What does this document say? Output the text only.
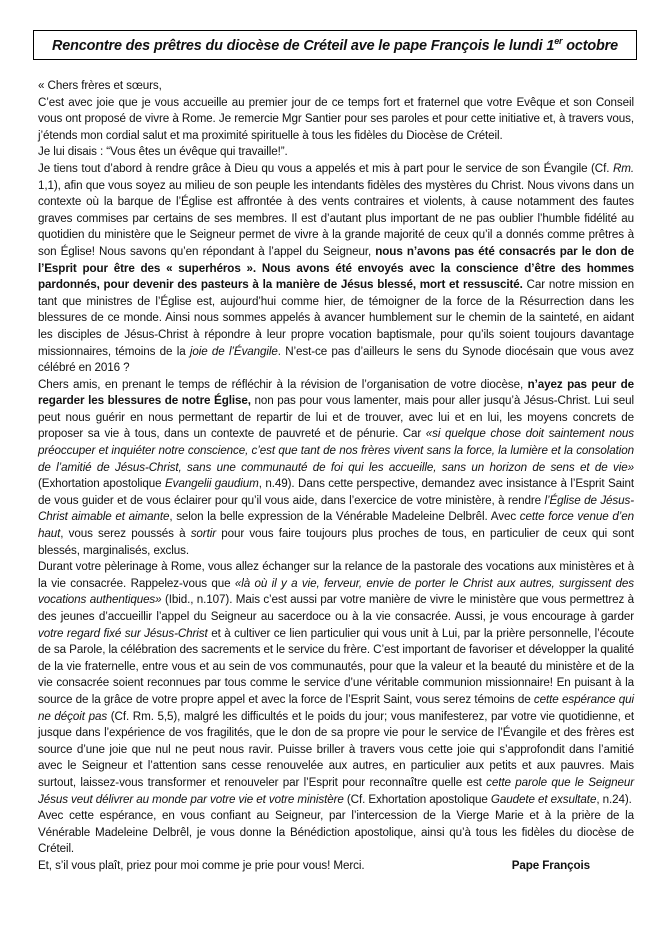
Rencontre des prêtres du diocèse de Créteil ave le pape François le lundi 1er octobre

« Chers frères et sœurs,

C’est avec joie que je vous accueille au premier jour de ce temps fort et fraternel que votre Evêque et son Conseil vous ont proposé de vivre à Rome. Je remercie Mgr Santier pour ses paroles et pour cette initiative et, à travers vous, j’étends mon cordial salut et ma proximité spirituelle à tous les fidèles du Diocèse de Créteil.

Je lui disais : “Vous êtes un évêque qui travaille!”.

Je tiens tout d’abord à rendre grâce à Dieu qu vous a appelés et mis à part pour le service de son Évangile (Cf. Rm. 1,1), afin que vous soyez au milieu de son peuple les intendants fidèles des mystères du Christ. Nous vivons dans un contexte où la barque de l’Église est affrontée à des vents contraires et violents, à cause notamment des fautes graves commises par certains de ses membres. Il est d’autant plus important de ne pas oublier l’humble fidélité au quotidien du ministère que le Seigneur permet de vivre à la grande majorité de ceux qu’il a donnés comme prêtres à son Église! Nous savons qu’en répondant à l’appel du Seigneur, nous n’avons pas été consacrés par le don de l’Esprit pour être des « superhéros ». Nous avons été envoyés avec la conscience d’être des hommes pardonnés, pour devenir des pasteurs à la manière de Jésus blessé, mort et ressuscité. Car notre mission en tant que ministres de l’Église est, aujourd’hui comme hier, de témoigner de la force de la Résurrection dans les blessures de ce monde. Ainsi nous sommes appelés à avancer humblement sur le chemin de la sainteté, en aidant les disciples de Jésus-Christ à répondre à leur propre vocation baptismale, pour qu’ils soient toujours davantage missionnaires, témoins de la joie de l’Évangile. N’est-ce pas d’ailleurs le sens du Synode diocésain que vous avez célébré en 2016 ?

Chers amis, en prenant le temps de réfléchir à la révision de l’organisation de votre diocèse, n’ayez pas peur de regarder les blessures de notre Église, non pas pour vous lamenter, mais pour aller jusqu’à Jésus-Christ. Lui seul peut nous guérir en nous permettant de repartir de lui et de trouver, avec lui et en lui, les moyens concrets de proposer sa vie à tous, dans un contexte de pauvreté et de pénurie. Car «si quelque chose doit saintement nous préoccuper et inquiéter notre conscience, c’est que tant de nos frères vivent sans la force, la lumière et la consolation de l’amitié de Jésus-Christ, sans une communauté de foi qui les accueille, sans un horizon de sens et de vie» (Exhortation apostolique Evangelii gaudium, n.49). Dans cette perspective, demandez avec insistance à l’Esprit Saint de vous guider et de vous éclairer pour qu’il vous aide, dans l’exercice de votre ministère, à rendre l’Église de Jésus-Christ aimable et aimante, selon la belle expression de la Vénérable Madeleine Delbrêl. Avec cette force venue d’en haut, vous serez poussés à sortir pour vous faire toujours plus proches de tous, en particulier de ceux qui sont blessés, marginalisés, exclus.

Durant votre pèlerinage à Rome, vous allez échanger sur la relance de la pastorale des vocations aux ministères et à la vie consacrée. Rappelez-vous que «là où il y a vie, ferveur, envie de porter le Christ aux autres, surgissent des vocations authentiques» (Ibid., n.107). Mais c’est aussi par votre manière de vivre le ministère que vous permettrez à des jeunes d’accueillir l’appel du Seigneur au sacerdoce ou à la vie consacrée. Aussi, je vous encourage à garder votre regard fixé sur Jésus-Christ et à cultiver ce lien particulier qui vous unit à Lui, par la prière personnelle, l’écoute de sa Parole, la célébration des sacrements et le service du frère. C’est important de favoriser et développer la qualité de la vie fraternelle, entre vous et au sein de vos communautés, pour que la valeur et la beauté du ministère et de la vie consacrée soient reconnues par tous comme le service d’une véritable communion missionnaire! En puisant à la source de la grâce de votre propre appel et avec la force de l’Esprit Saint, vous serez témoins de cette espérance qui ne déçoit pas (Cf. Rm. 5,5), malgré les difficultés et le poids du jour; vous manifesterez, par votre vie quotidienne, et jusque dans l’expérience de vos fragilités, que le don de sa propre vie pour le service de l’Évangile et des frères est source d’une joie que nul ne peut nous ravir. Puisse briller à travers vous cette joie qui s’approfondit dans l’amitié avec le Seigneur et l’attention sans cesse renouvelée aux autres, en particulier aux petits et aux pauvres. Mais surtout, laissez-vous transformer et renouveler par l’Esprit pour reconnaître quelle est cette parole que le Seigneur Jésus veut délivrer au monde par votre vie et votre ministère (Cf. Exhortation apostolique Gaudete et exsultate, n.24).

Avec cette espérance, en vous confiant au Seigneur, par l’intercession de la Vierge Marie et à la prière de la Vénérable Madeleine Delbrêl, je vous donne la Bénédiction apostolique, ainsi qu’à tous les fidèles du diocèse de Créteil.

Et, s’il vous plaît, priez pour moi comme je prie pour vous! Merci.	Pape François
